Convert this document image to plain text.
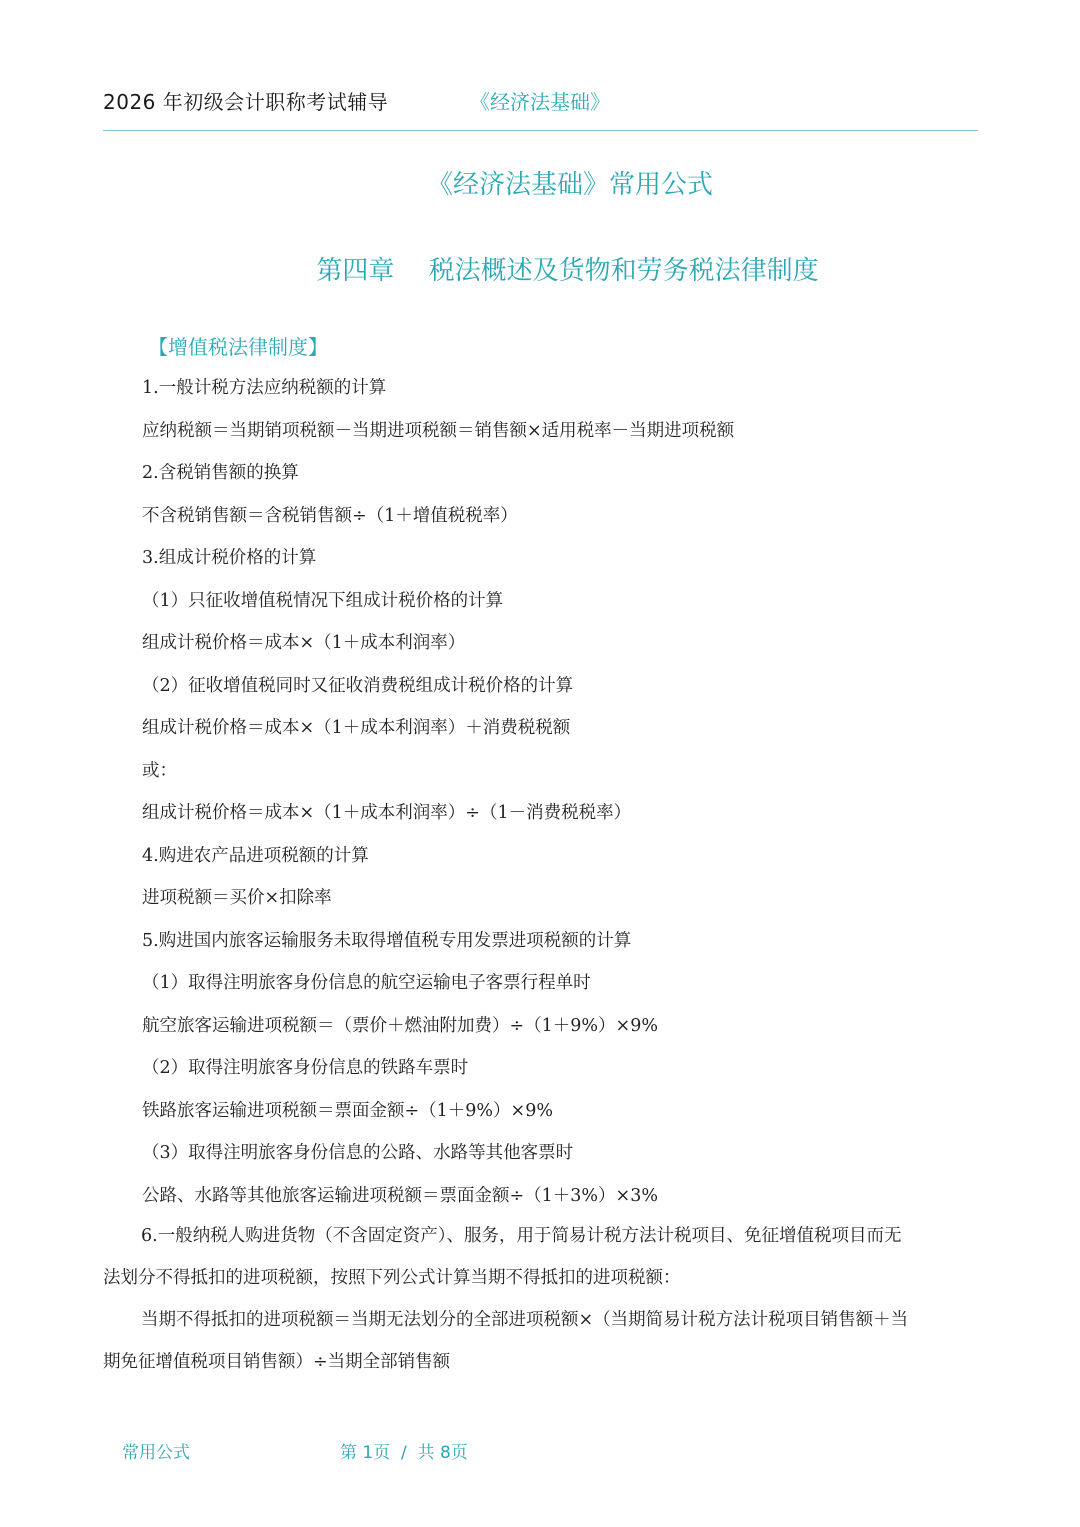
2026 年初级会计职称考试辅导	《经济法基础》
《经济法基础》常用公式
第四章　 税法概述及货物和劳务税法律制度
【增值税法律制度】
1.一般计税方法应纳税额的计算
应纳税额＝当期销项税额－当期进项税额＝销售额×适用税率－当期进项税额
2.含税销售额的换算
不含税销售额＝含税销售额÷（1＋增值税税率）
3.组成计税价格的计算
（1）只征收增值税情况下组成计税价格的计算
组成计税价格＝成本×（1＋成本利润率）
（2）征收增值税同时又征收消费税组成计税价格的计算
组成计税价格＝成本×（1＋成本利润率）＋消费税税额
或：
组成计税价格＝成本×（1＋成本利润率）÷（1－消费税税率）
4.购进农产品进项税额的计算
进项税额＝买价×扣除率
5.购进国内旅客运输服务未取得增值税专用发票进项税额的计算
（1）取得注明旅客身份信息的航空运输电子客票行程单时
航空旅客运输进项税额＝（票价＋燃油附加费）÷（1＋9%）×9%
（2）取得注明旅客身份信息的铁路车票时
铁路旅客运输进项税额＝票面金额÷（1＋9%）×9%
（3）取得注明旅客身份信息的公路、水路等其他客票时
公路、水路等其他旅客运输进项税额＝票面金额÷（1＋3%）×3%
6.一般纳税人购进货物（不含固定资产）、服务，用于简易计税方法计税项目、免征增值税项目而无
法划分不得抵扣的进项税额，按照下列公式计算当期不得抵扣的进项税额：
当期不得抵扣的进项税额＝当期无法划分的全部进项税额×（当期简易计税方法计税项目销售额＋当
期免征增值税项目销售额）÷当期全部销售额
常用公式	第 1页  /  共 8页
